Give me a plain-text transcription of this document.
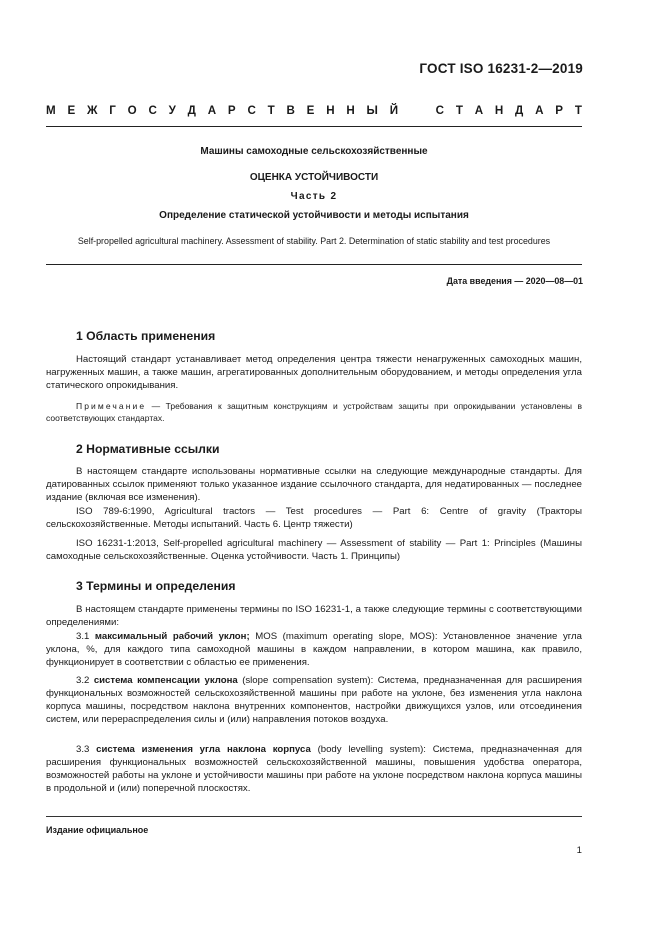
ГОСТ ISO 16231-2—2019
М Е Ж Г О С У Д А Р С Т В Е Н Н Ы Й	С Т А Н Д А Р Т
Машины самоходные сельскохозяйственные
ОЦЕНКА УСТОЙЧИВОСТИ
Часть 2
Определение статической устойчивости и методы испытания
Self-propelled agricultural machinery. Assessment of stability. Part 2. Determination of static stability and test procedures
Дата введения — 2020—08—01
1 Область применения
Настоящий стандарт устанавливает метод определения центра тяжести ненагруженных самоходных машин, нагруженных машин, а также машин, агрегатированных дополнительным оборудованием, и методы определения угла статического опрокидывания.
Примечание — Требования к защитным конструкциям и устройствам защиты при опрокидывании установлены в соответствующих стандартах.
2 Нормативные ссылки
В настоящем стандарте использованы нормативные ссылки на следующие международные стандарты. Для датированных ссылок применяют только указанное издание ссылочного стандарта, для недатированных — последнее издание (включая все изменения).
ISO 789-6:1990, Agricultural tractors — Test procedures — Part 6: Centre of gravity (Тракторы сельскохозяйственные. Методы испытаний. Часть 6. Центр тяжести)
ISO 16231-1:2013, Self-propelled agricultural machinery — Assessment of stability — Part 1: Principles (Машины самоходные сельскохозяйственные. Оценка устойчивости. Часть 1. Принципы)
3 Термины и определения
В настоящем стандарте применены термины по ISO 16231-1, а также следующие термины с соответствующими определениями:
3.1 максимальный рабочий уклон; MOS (maximum operating slope, MOS): Установленное значение угла уклона, %, для каждого типа самоходной машины в каждом направлении, в котором машина, как правило, функционирует в соответствии с областью ее применения.
3.2 система компенсации уклона (slope compensation system): Система, предназначенная для расширения функциональных возможностей сельскохозяйственной машины при работе на уклоне, без изменения угла наклона корпуса машины, посредством наклона внутренних компонентов, настройки движущихся узлов, или отсоединения систем, или перераспределения силы и (или) направления потоков воздуха.
3.3 система изменения угла наклона корпуса (body levelling system): Система, предназначенная для расширения функциональных возможностей сельскохозяйственной машины, повышения удобства оператора, возможностей работы на уклоне и устойчивости машины при работе на уклоне посредством наклона корпуса машины в продольной и (или) поперечной плоскостях.
Издание официальное
1
